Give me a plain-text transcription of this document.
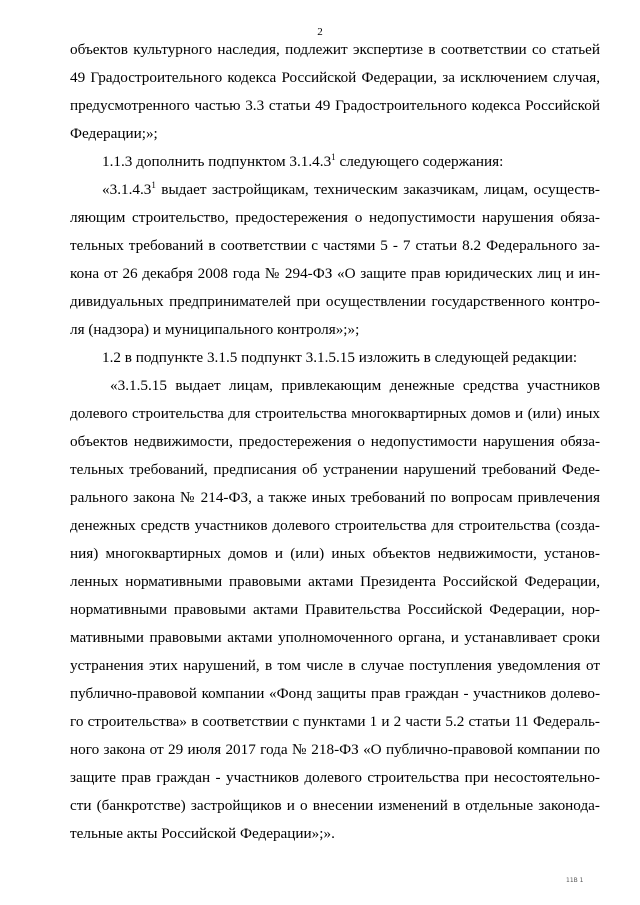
2
объектов культурного наследия, подлежит экспертизе в соответствии со статьей
49 Градостроительного кодекса Российской Федерации, за исключением случая,
предусмотренного частью 3.3 статьи 49 Градостроительного кодекса Российской
Федерации;»;
1.1.3 дополнить подпунктом 3.1.4.3$^1$ следующего содержания:
«3.1.4.3$^1$ выдает застройщикам, техническим заказчикам, лицам, осуществ-
ляющим строительство, предостережения о недопустимости нарушения обяза-
тельных требований в соответствии с частями 5 - 7 статьи 8.2 Федерального за-
кона от 26 декабря 2008 года № 294-ФЗ «О защите прав юридических лиц и ин-
дивидуальных предпринимателей при осуществлении государственного контро-
ля (надзора) и муниципального контроля»;»;
1.2 в подпункте 3.1.5 подпункт 3.1.5.15 изложить в следующей редакции:
«3.1.5.15 выдает лицам, привлекающим денежные средства участников
долевого строительства для строительства многоквартирных домов и (или) иных
объектов недвижимости, предостережения о недопустимости нарушения обяза-
тельных требований, предписания об устранении нарушений требований Феде-
рального закона № 214-ФЗ, а также иных требований по вопросам привлечения
денежных средств участников долевого строительства для строительства (созда-
ния) многоквартирных домов и (или) иных объектов недвижимости, установ-
ленных нормативными правовыми актами Президента Российской Федерации,
нормативными правовыми актами Правительства Российской Федерации, нор-
мативными правовыми актами уполномоченного органа, и устанавливает сроки
устранения этих нарушений, в том числе в случае поступления уведомления от
публично-правовой компании «Фонд защиты прав граждан - участников долево-
го строительства» в соответствии с пунктами 1 и 2 части 5.2 статьи 11 Федераль-
ного закона от 29 июля 2017 года № 218-ФЗ «О публично-правовой компании по
защите прав граждан - участников долевого строительства при несостоятельно-
сти (банкротстве) застройщиков и о внесении изменений в отдельные законода-
тельные акты Российской Федерации»;».
11В 1
